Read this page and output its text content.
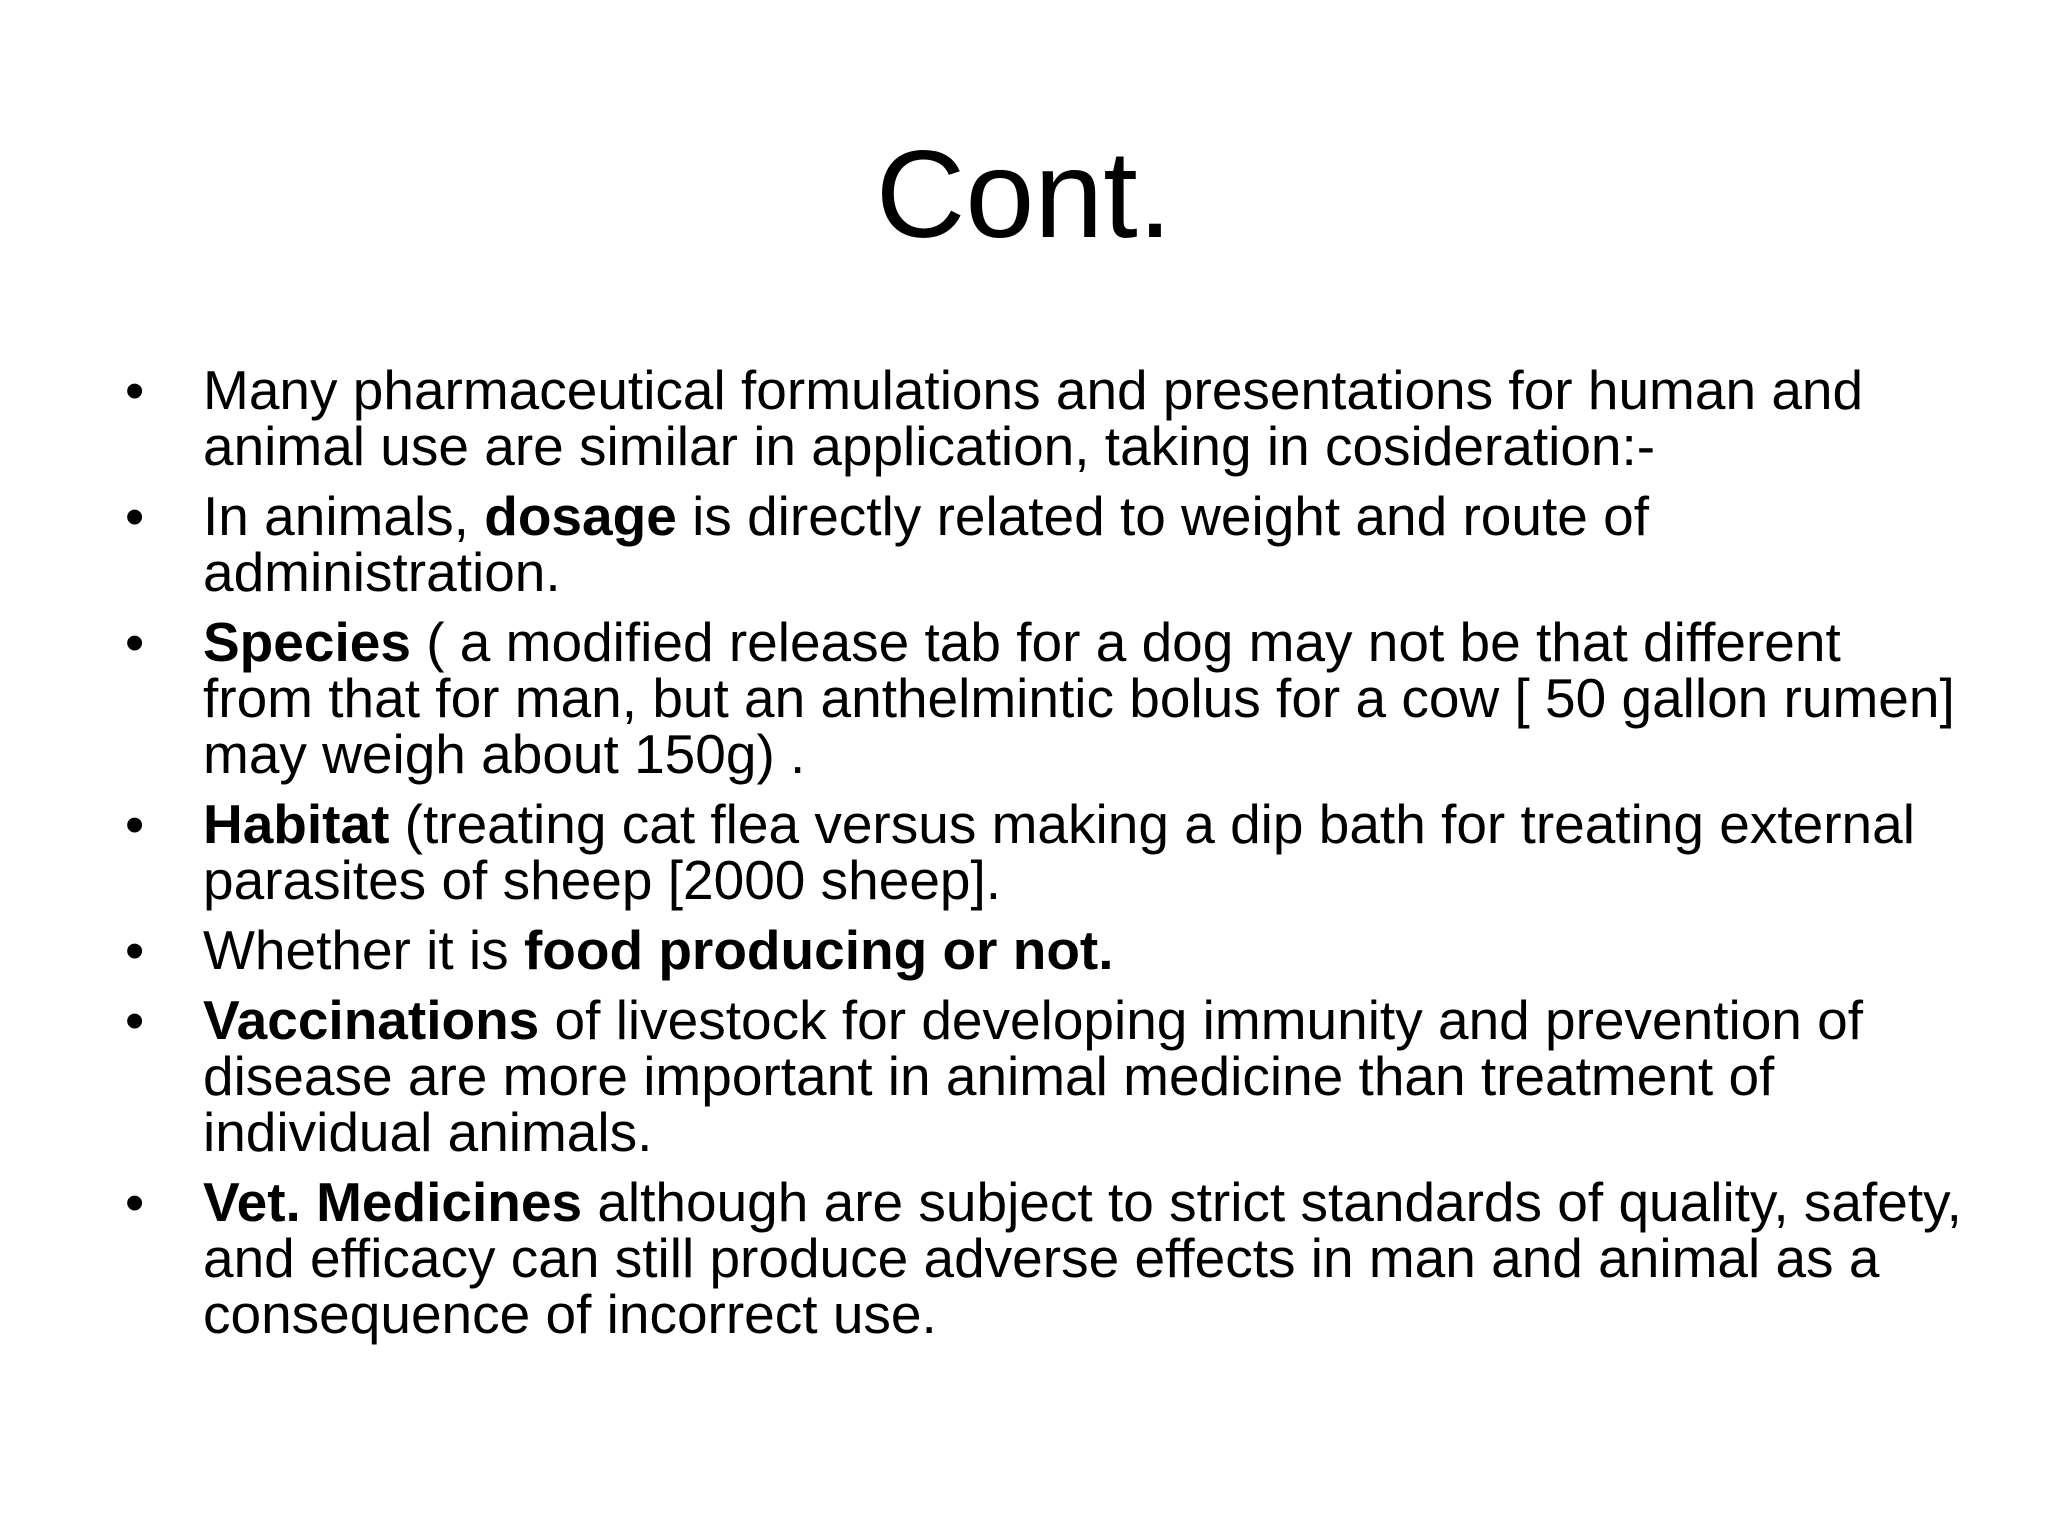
Cont.
•	Many pharmaceutical formulations and presentations for human and animal use are similar in application, taking in cosideration:-
•	In animals, dosage is directly related to weight and route of administration.
•	Species ( a modified release tab for a dog may not be that different from that for man, but an anthelmintic bolus for a cow [ 50 gallon rumen] may weigh about 150g) .
•	Habitat (treating cat flea versus making a dip bath for treating external parasites of sheep [2000 sheep].
•	Whether it is food producing or not.
•	Vaccinations of livestock for developing immunity and prevention of disease are more important in animal medicine than treatment of individual animals.
•	Vet. Medicines although are subject to strict standards of quality, safety, and efficacy can still produce adverse effects in man and animal as a consequence of incorrect use.
